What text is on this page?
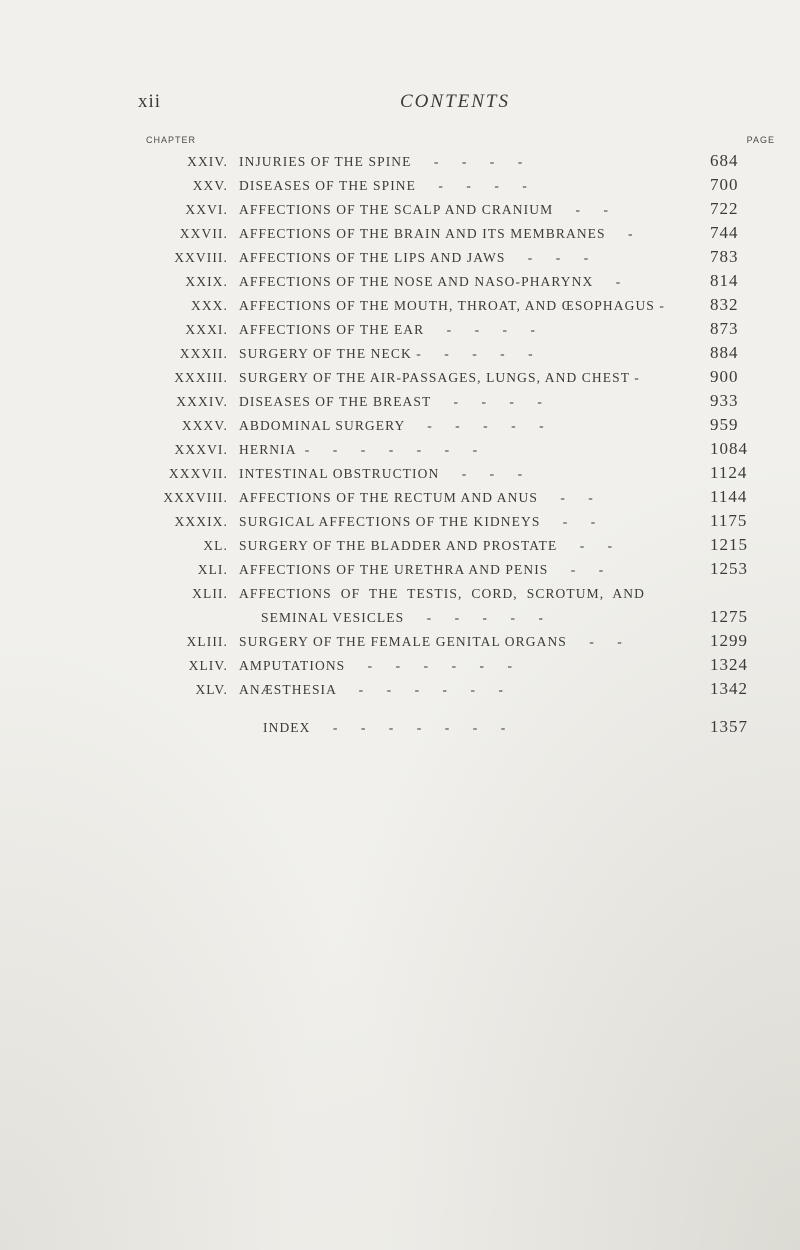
xii	CONTENTS
CHAPTER	PAGE
XXIV. INJURIES OF THE SPINE     -     -     -     -	684
XXV. DISEASES OF THE SPINE     -     -     -     -	700
XXVI. AFFECTIONS OF THE SCALP AND CRANIUM     -     -	722
XXVII. AFFECTIONS OF THE BRAIN AND ITS MEMBRANES     -	744
XXVIII. AFFECTIONS OF THE LIPS AND JAWS     -     -     -	783
XXIX. AFFECTIONS OF THE NOSE AND NASO-PHARYNX     -	814
XXX. AFFECTIONS OF THE MOUTH, THROAT, AND ŒSOPHAGUS -	832
XXXI. AFFECTIONS OF THE EAR     -     -     -     -	873
XXXII. SURGERY OF THE NECK -     -     -     -     -	884
XXXIII. SURGERY OF THE AIR-PASSAGES, LUNGS, AND CHEST -	900
XXXIV. DISEASES OF THE BREAST     -     -     -     -	933
XXXV. ABDOMINAL SURGERY     -     -     -     -     -	959
XXXVI. HERNIA  -     -     -     -     -     -     -	1084
XXXVII. INTESTINAL OBSTRUCTION     -     -     -	1124
XXXVIII. AFFECTIONS OF THE RECTUM AND ANUS     -     -	1144
XXXIX. SURGICAL AFFECTIONS OF THE KIDNEYS     -     -	1175
XL. SURGERY OF THE BLADDER AND PROSTATE     -     -	1215
XLI. AFFECTIONS OF THE URETHRA AND PENIS     -     -	1253
XLII. AFFECTIONS  OF  THE  TESTIS,  CORD,  SCROTUM,  AND
SEMINAL VESICLES     -     -     -     -     -	1275
XLIII. SURGERY OF THE FEMALE GENITAL ORGANS     -     -	1299
XLIV. AMPUTATIONS     -     -     -     -     -     -	1324
XLV. ANÆSTHESIA     -     -     -     -     -     -	1342
INDEX     -     -     -     -     -     -     -	1357
